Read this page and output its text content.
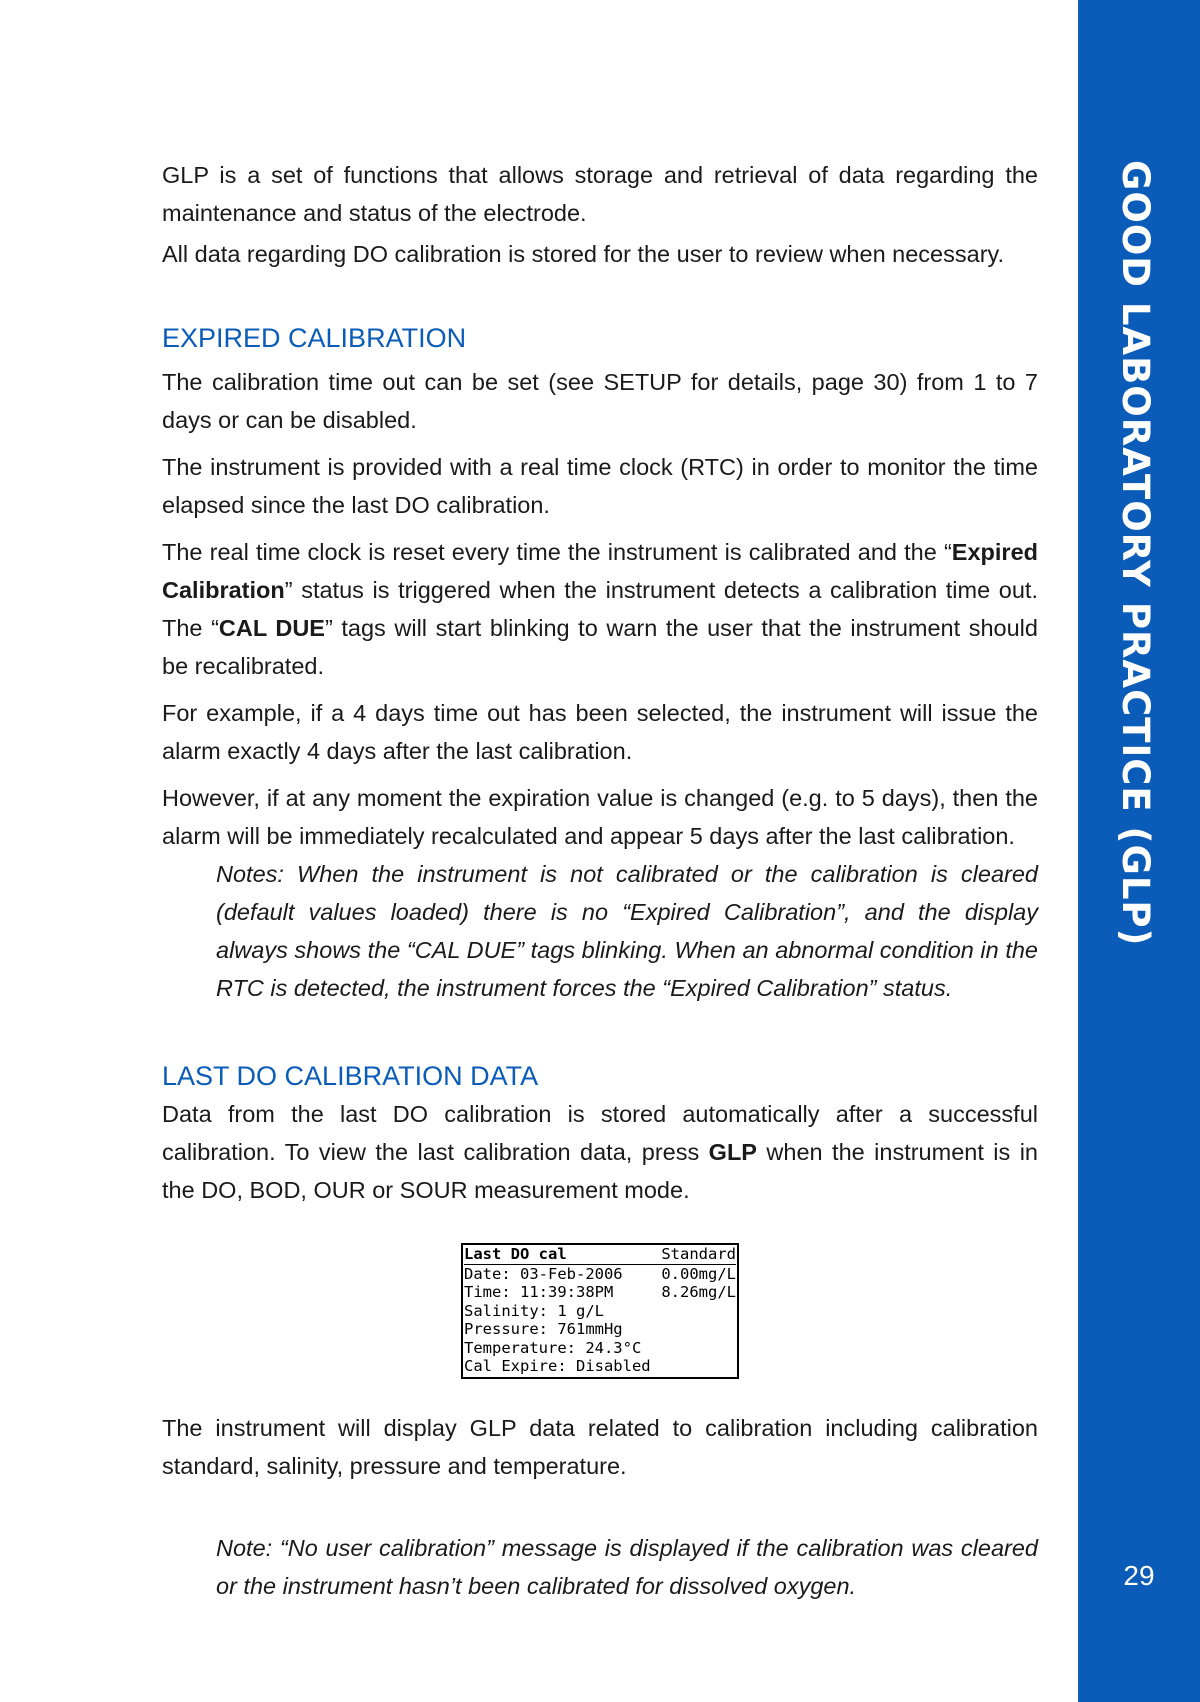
GOOD LABORATORY PRACTICE (GLP)
29

GLP is a set of functions that allows storage and retrieval of data regarding the maintenance and status of the electrode.

All data regarding DO calibration is stored for the user to review when necessary.

EXPIRED CALIBRATION

The calibration time out can be set (see SETUP for details, page 30) from 1 to 7 days or can be disabled.

The instrument is provided with a real time clock (RTC) in order to monitor the time elapsed since the last DO calibration.

The real time clock is reset every time the instrument is calibrated and the “Expired Calibration” status is triggered when the instrument detects a calibration time out. The “CAL DUE” tags will start blinking to warn the user that the instrument should be recalibrated.

For example, if a 4 days time out has been selected, the instrument will issue the alarm exactly 4 days after the last calibration.

However, if at any moment the expiration value is changed (e.g. to 5 days), then the alarm will be immediately recalculated and appear 5 days after the last calibration.

Notes: When the instrument is not calibrated or the calibration is cleared (default values loaded) there is no “Expired Calibration”, and the display always shows the “CAL DUE” tags blinking. When an abnormal condition in the RTC is detected, the instrument forces the “Expired Calibration” status.

LAST DO CALIBRATION DATA

Data from the last DO calibration is stored automatically after a successful calibration. To view the last calibration data, press GLP when the instrument is in the DO, BOD, OUR or SOUR measurement mode.

Last DO cal	Standard
Date: 03-Feb-2006 0.00mg/L
Time: 11:39:38PM	8.26mg/L
Salinity: 1 g/L
Pressure: 761mmHg
Temperature: 24.3°C
Cal Expire: Disabled

The instrument will display GLP data related to calibration including calibration standard, salinity, pressure and temperature.

Note: “No user calibration” message is displayed if the calibration was cleared or the instrument hasn’t been calibrated for dissolved oxygen.
